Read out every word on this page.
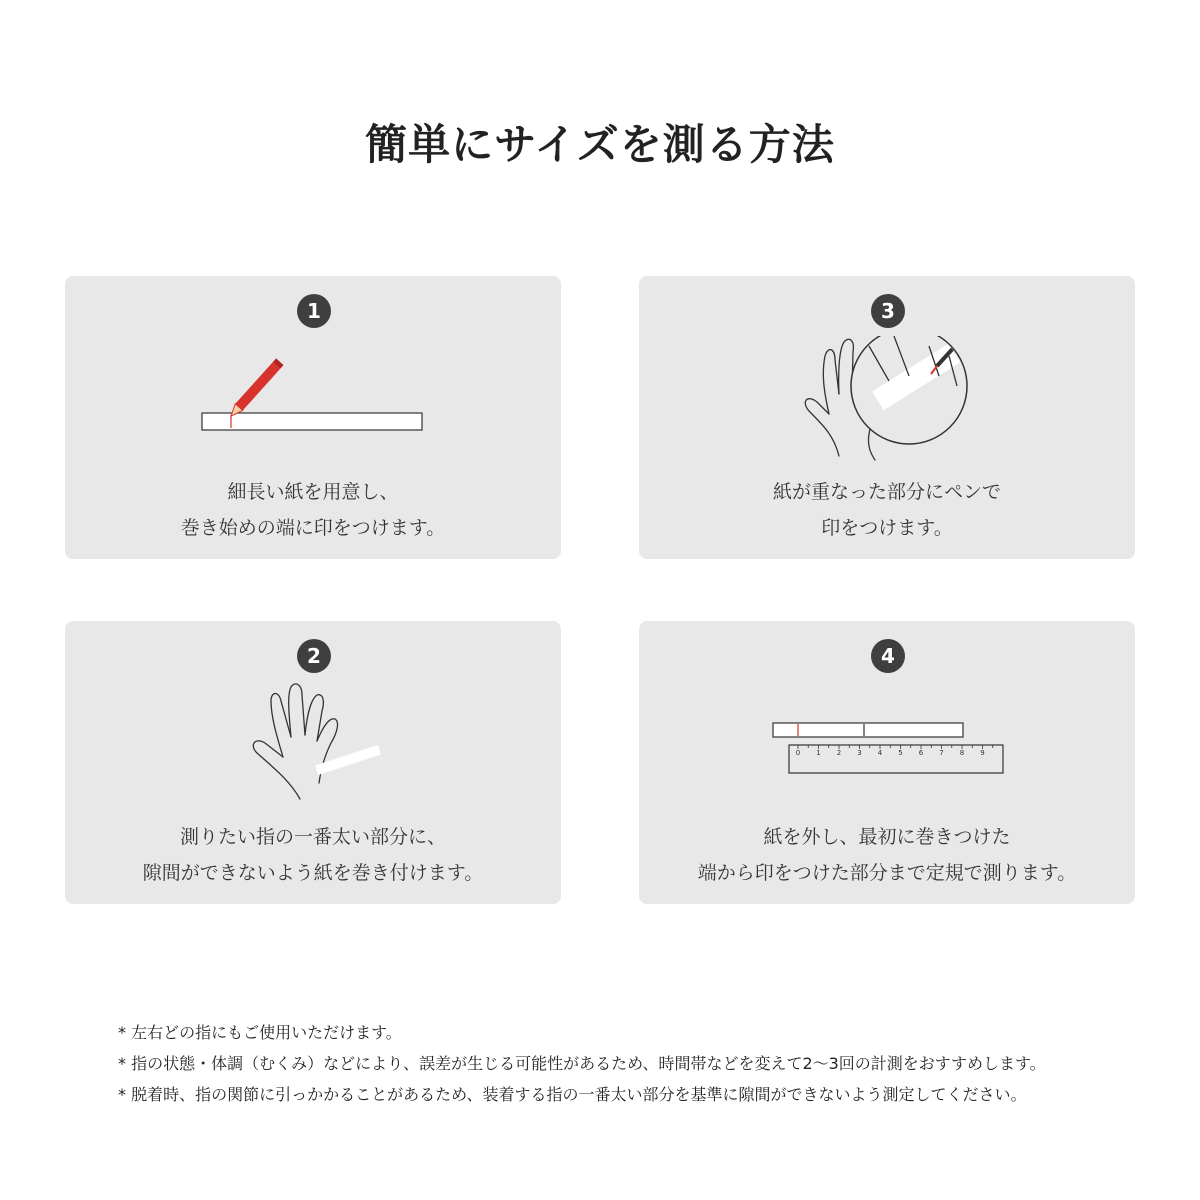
簡単にサイズを測る方法
1
細長い紙を用意し、
巻き始めの端に印をつけます。
3
紙が重なった部分にペンで
印をつけます。
2
測りたい指の一番太い部分に、
隙間ができないよう紙を巻き付けます。
4
0 1 2 3 4 5 6 7 8 9
紙を外し、最初に巻きつけた
端から印をつけた部分まで定規で測ります。
* 左右どの指にもご使用いただけます。
* 指の状態・体調（むくみ）などにより、誤差が生じる可能性があるため、時間帯などを変えて2〜3回の計測をおすすめします。
* 脱着時、指の関節に引っかかることがあるため、装着する指の一番太い部分を基準に隙間ができないよう測定してください。
